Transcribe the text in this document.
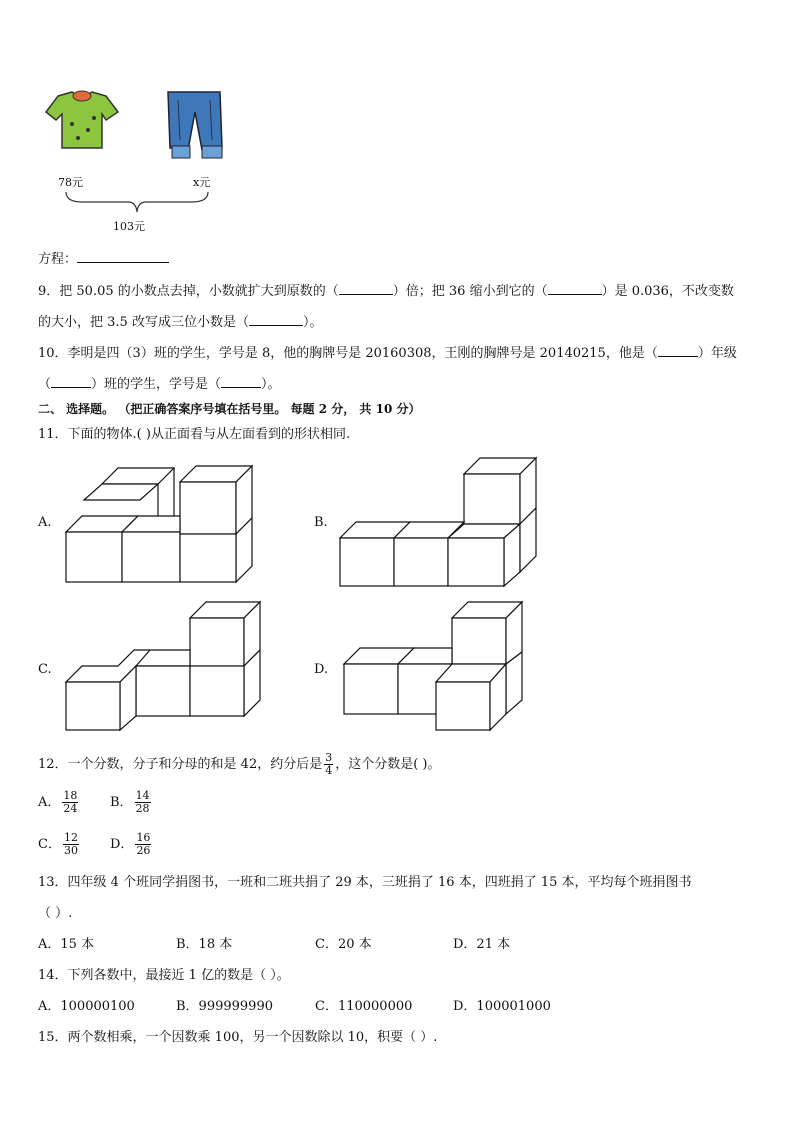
78元	x元
103元
方程：
9．把 50.05 的小数点去掉，小数就扩大到原数的（	）倍；把 36 缩小到它的（	）是 0.036，不改变数
的大小，把 3.5 改写成三位小数是（	）。
10．李明是四（3）班的学生，学号是 8，他的胸牌号是 20160308，王刚的胸牌号是 20140215，他是（	）年级
（	）班的学生，学号是（	）。
二、 选择题。 （把正确答案序号填在括号里。 每题 2 分， 共 10 分）
11．下面的物体.( )从正面看与从左面看到的形状相同.
A.	B.
C.	D.
12．一个分数，分子和分母的和是 42，约分后是 $\frac{3}{4}$ ，这个分数是( )。
A． $\frac{18}{24}$ B． $\frac{14}{28}$
C． $\frac{12}{30}$ D． $\frac{16}{26}$
13．四年级 4 个班同学捐图书，一班和二班共捐了 29 本，三班捐了 16 本，四班捐了 15 本，平均每个班捐图书
（ ）.
A．15 本	B．18 本	C．20 本	D．21 本
14．下列各数中，最接近 1 亿的数是（ ）。
A．100000100	B．999999990	C．110000000	D．100001000
15．两个数相乘，一个因数乘 100，另一个因数除以 10，积要（ ）.
